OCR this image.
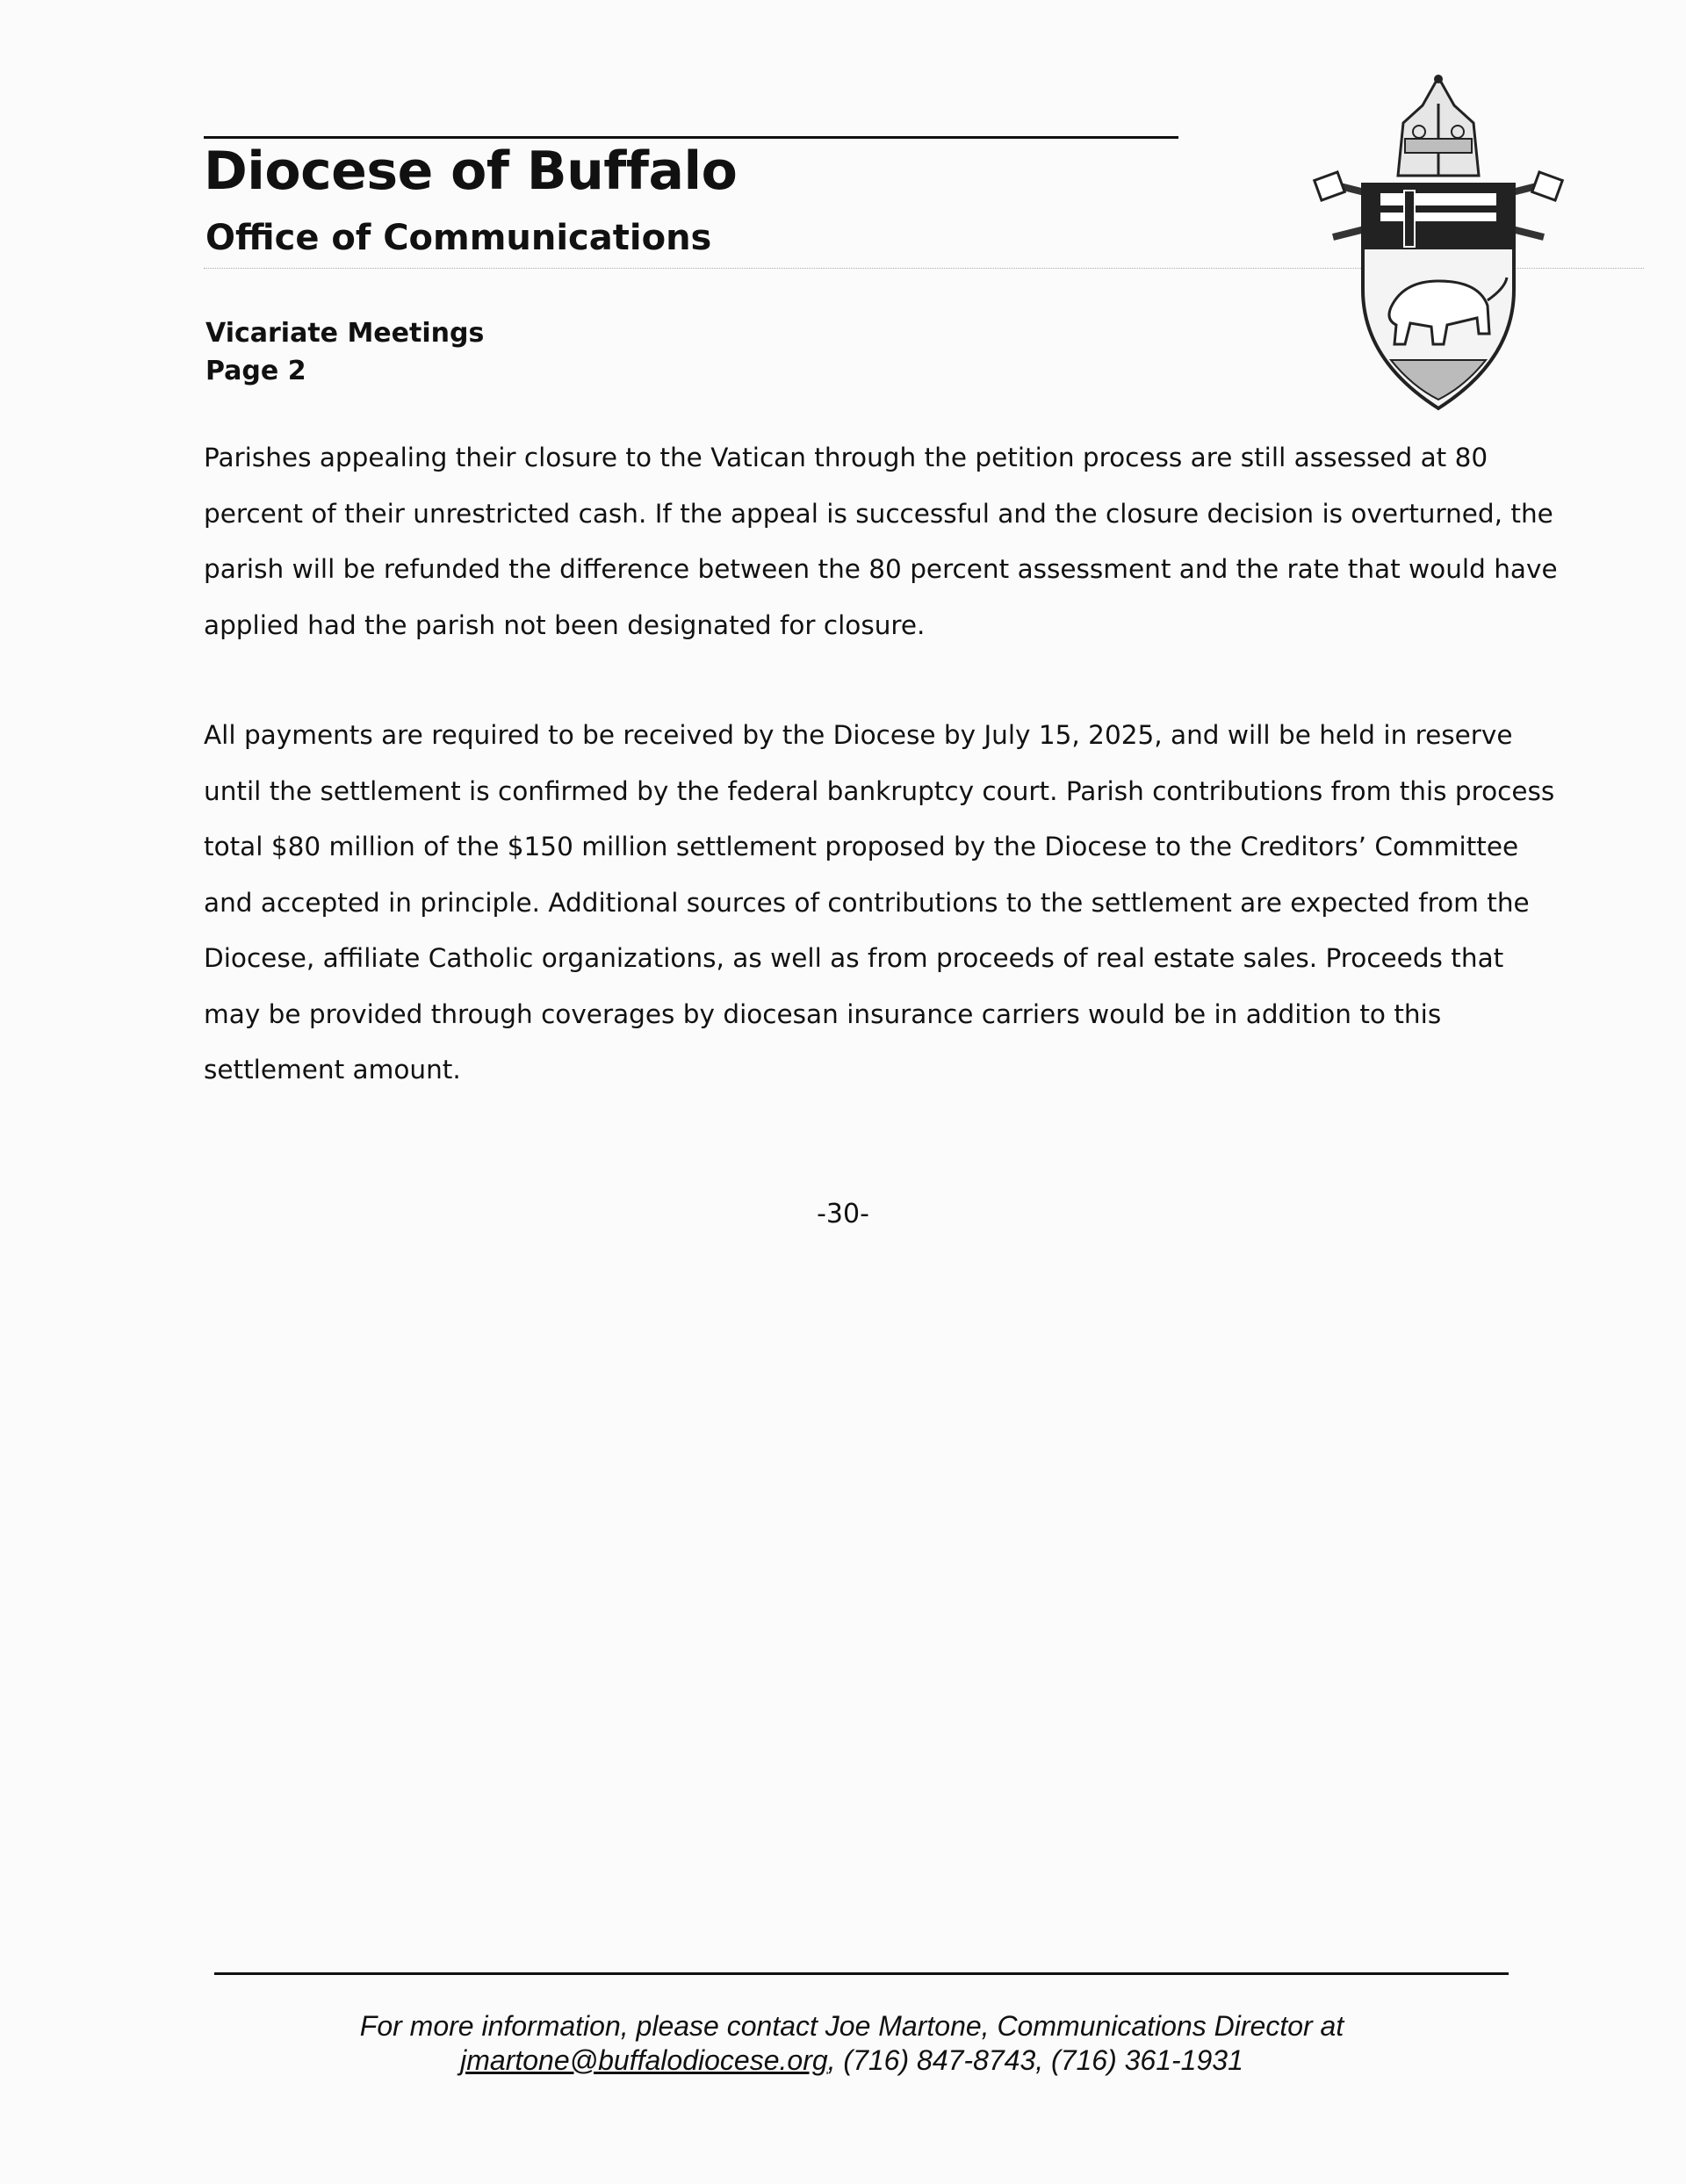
Diocese of Buffalo
Office of Communications
Vicariate Meetings
Page 2
Parishes appealing their closure to the Vatican through the petition process are still assessed at 80
percent of their unrestricted cash. If the appeal is successful and the closure decision is overturned, the
parish will be refunded the difference between the 80 percent assessment and the rate that would have
applied had the parish not been designated for closure.
All payments are required to be received by the Diocese by July 15, 2025, and will be held in reserve
until the settlement is confirmed by the federal bankruptcy court. Parish contributions from this process
total $80 million of the $150 million settlement proposed by the Diocese to the Creditors’ Committee
and accepted in principle. Additional sources of contributions to the settlement are expected from the
Diocese, affiliate Catholic organizations, as well as from proceeds of real estate sales. Proceeds that
may be provided through coverages by diocesan insurance carriers would be in addition to this
settlement amount.
-30-
For more information, please contact Joe Martone, Communications Director at
jmartone@buffalodiocese.org, (716) 847-8743, (716) 361-1931
